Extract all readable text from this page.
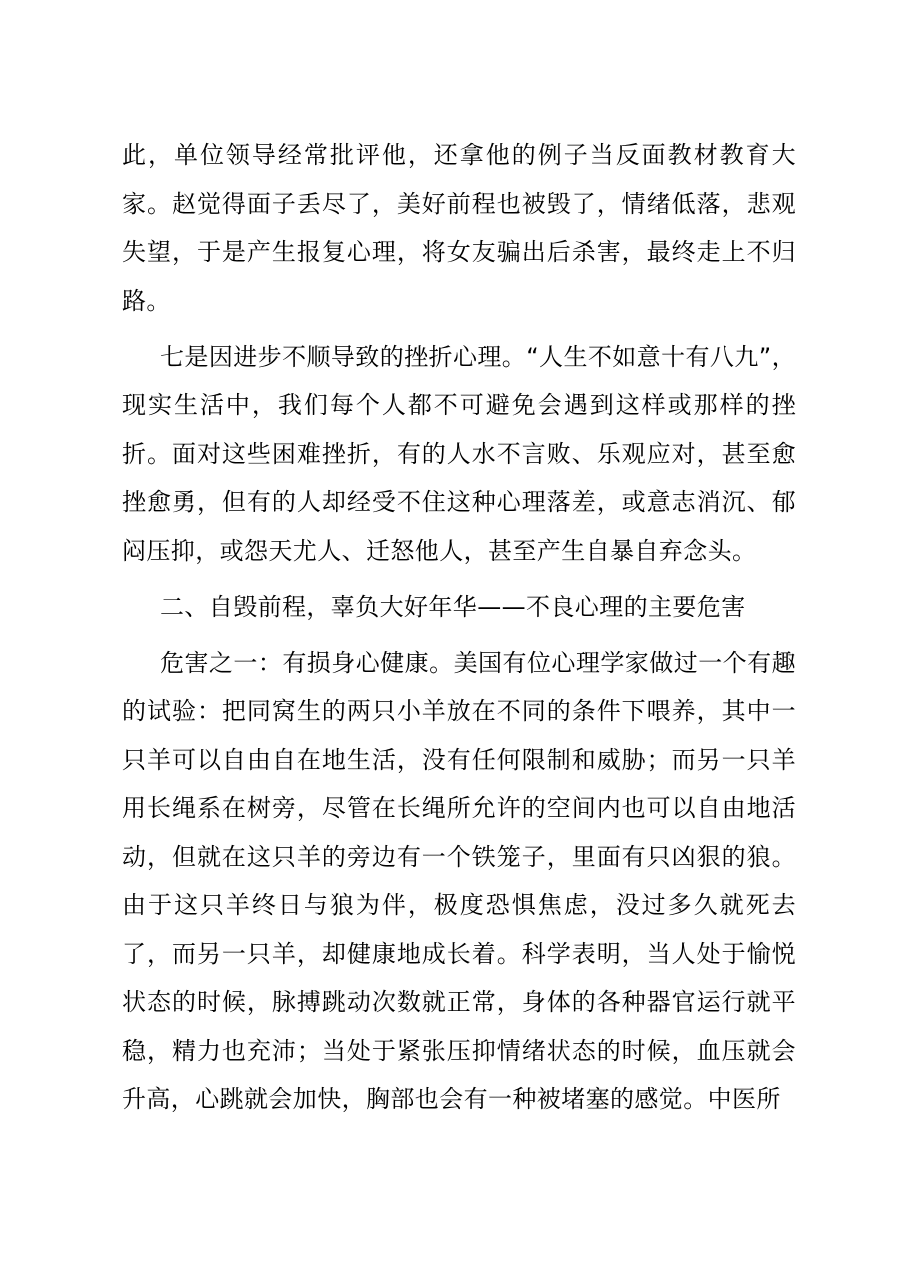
此，单位领导经常批评他，还拿他的例子当反面教材教育大家。赵觉得面子丢尽了，美好前程也被毁了，情绪低落，悲观失望，于是产生报复心理，将女友骗出后杀害，最终走上不归路。

七是因进步不顺导致的挫折心理。“人生不如意十有八九”，现实生活中，我们每个人都不可避免会遇到这样或那样的挫折。面对这些困难挫折，有的人水不言败、乐观应对，甚至愈挫愈勇，但有的人却经受不住这种心理落差，或意志消沉、郁闷压抑，或怨天尤人、迁怒他人，甚至产生自暴自弃念头。

二、自毁前程，辜负大好年华——不良心理的主要危害

危害之一：有损身心健康。美国有位心理学家做过一个有趣的试验：把同窝生的两只小羊放在不同的条件下喂养，其中一只羊可以自由自在地生活，没有任何限制和威胁；而另一只羊用长绳系在树旁，尽管在长绳所允许的空间内也可以自由地活动，但就在这只羊的旁边有一个铁笼子，里面有只凶狠的狼。由于这只羊终日与狼为伴，极度恐惧焦虑，没过多久就死去了，而另一只羊，却健康地成长着。科学表明，当人处于愉悦状态的时候，脉搏跳动次数就正常，身体的各种器官运行就平稳，精力也充沛；当处于紧张压抑情绪状态的时候，血压就会升高，心跳就会加快，胸部也会有一种被堵塞的感觉。中医所
